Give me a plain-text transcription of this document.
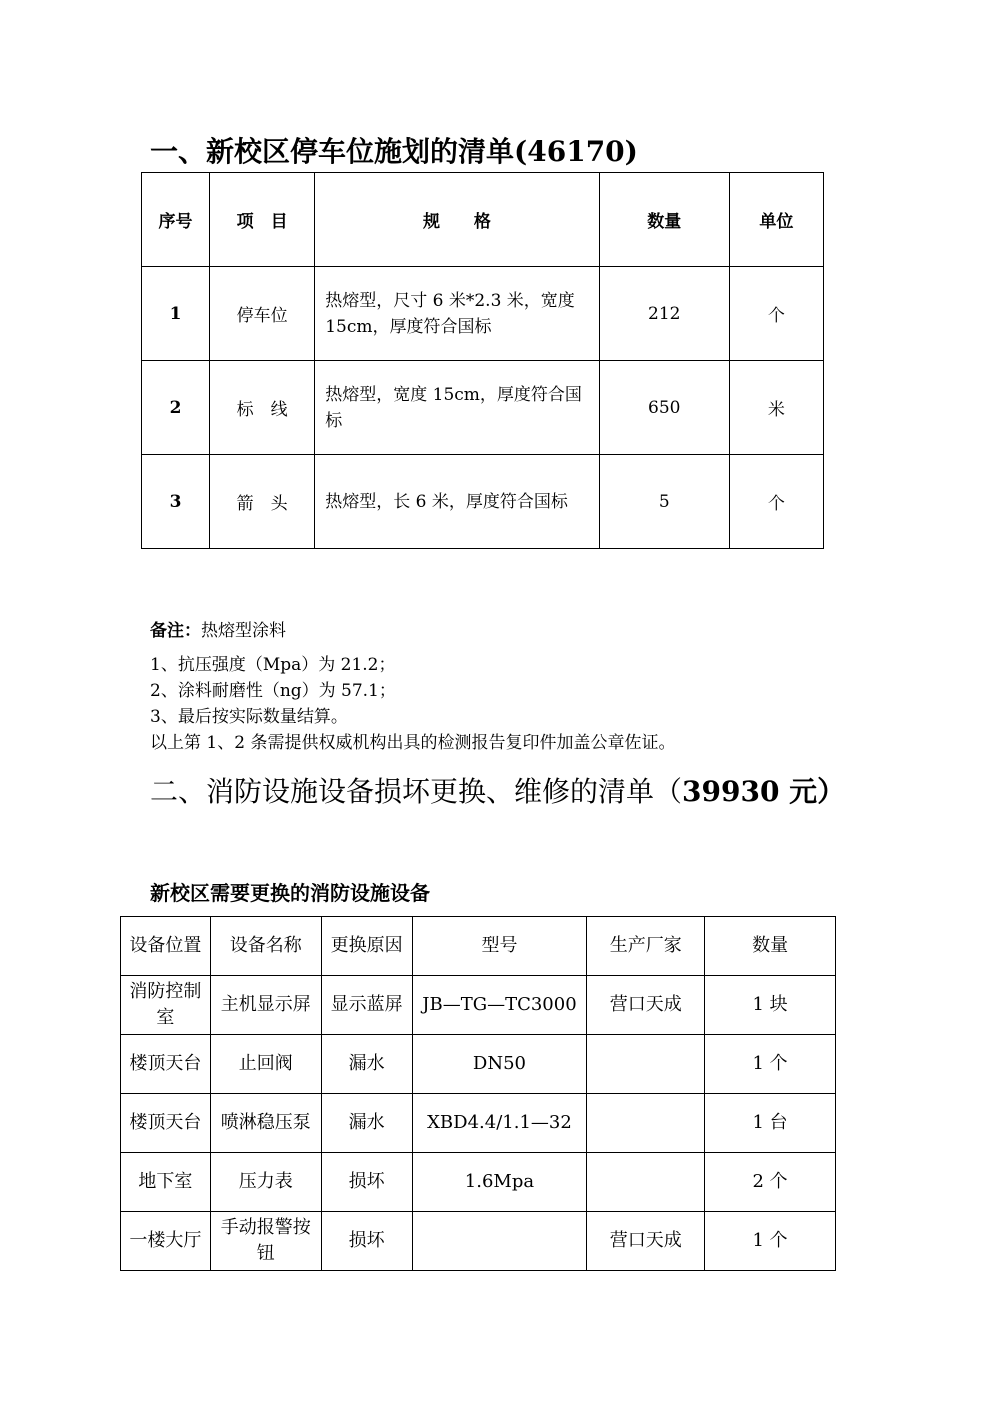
一、新校区停车位施划的清单(46170)
序号	项　目	规　　格	数量	单位
1	停车位	热熔型，尺寸 6 米*2.3 米，宽度 15cm，厚度符合国标	212	个
2	标　线	热熔型，宽度 15cm，厚度符合国标	650	米
3	箭　头	热熔型，长 6 米，厚度符合国标	5	个
备注：热熔型涂料
1、抗压强度（Mpa）为 21.2；
2、涂料耐磨性（ng）为 57.1；
3、最后按实际数量结算。
以上第 1、2 条需提供权威机构出具的检测报告复印件加盖公章佐证。
二、消防设施设备损坏更换、维修的清单（39930 元）
新校区需要更换的消防设施设备
设备位置	设备名称	更换原因	型号	生产厂家	数量
消防控制室	主机显示屏	显示蓝屏	JB—TG—TC3000	营口天成	1 块
楼顶天台	止回阀	漏水	DN50		1 个
楼顶天台	喷淋稳压泵	漏水	XBD4.4/1.1—32		1 台
地下室	压力表	损坏	1.6Mpa		2 个
一楼大厅	手动报警按钮	损坏		营口天成	1 个
